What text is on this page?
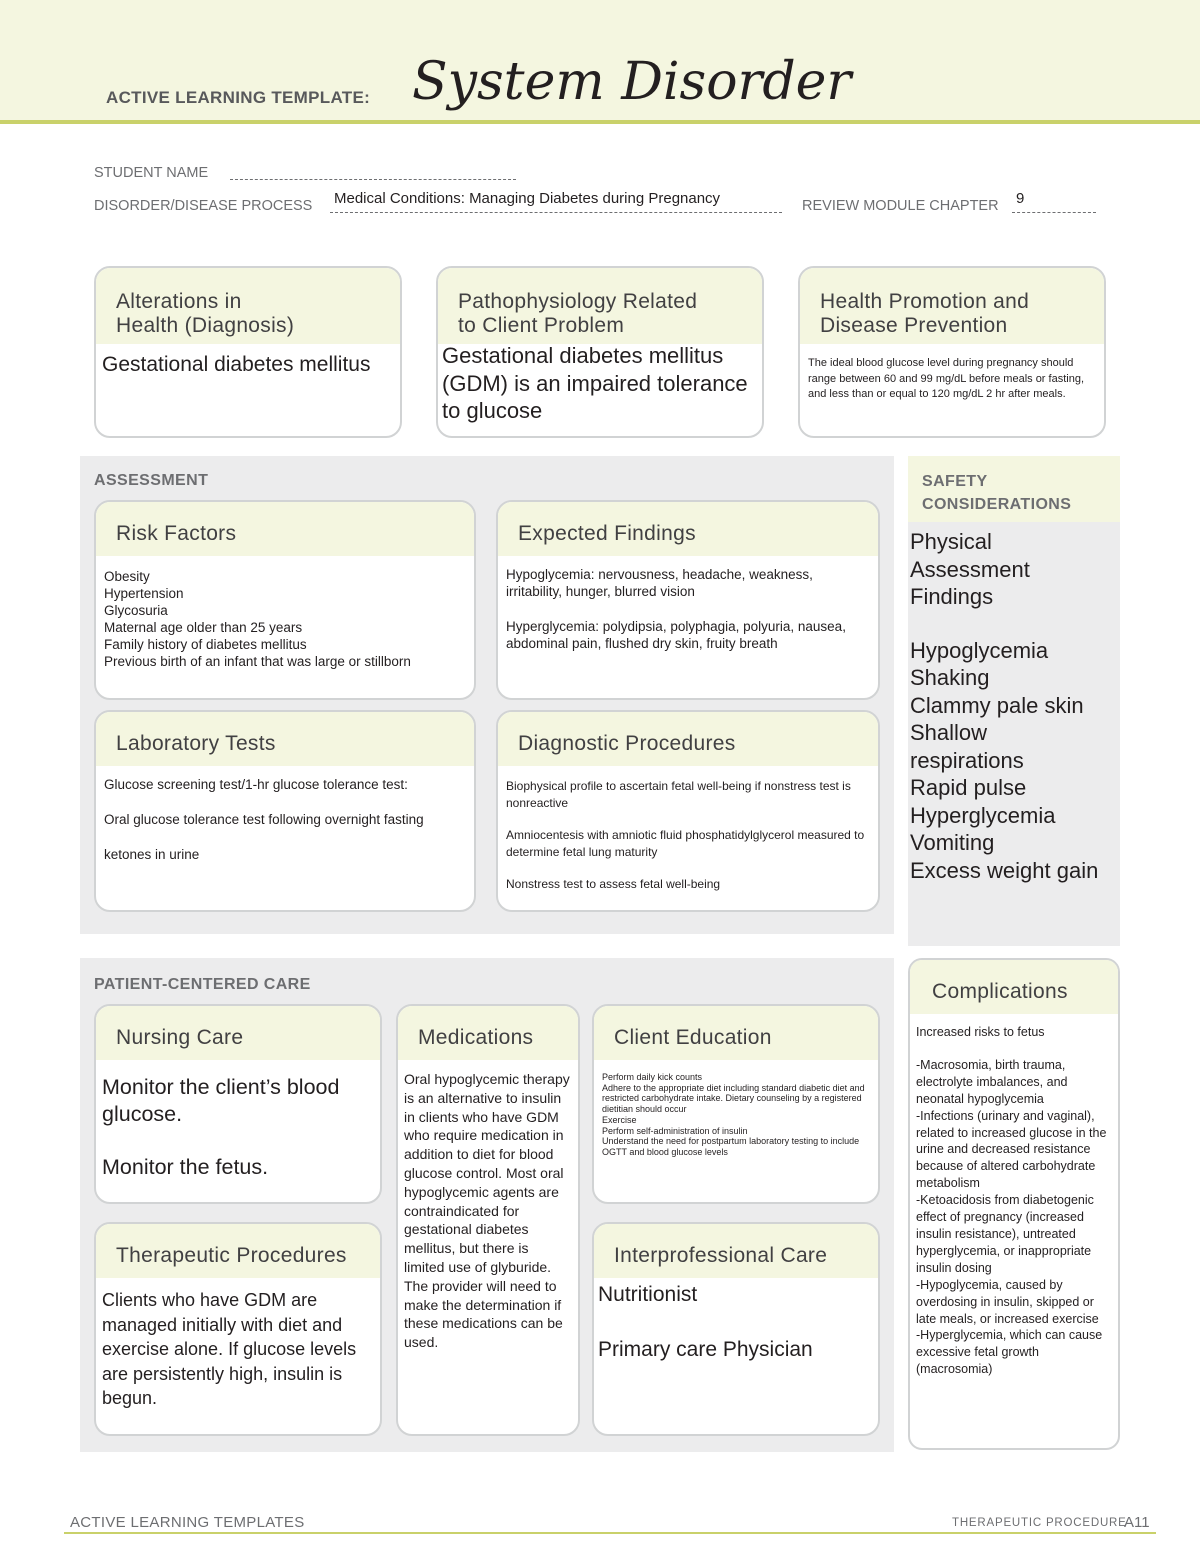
ACTIVE LEARNING TEMPLATE: System Disorder
STUDENT NAME
DISORDER/DISEASE PROCESS Medical Conditions: Managing Diabetes during Pregnancy	REVIEW MODULE CHAPTER 9
Alterations in
Health (Diagnosis)
Gestational diabetes mellitus
Pathophysiology Related
to Client Problem
Gestational diabetes mellitus (GDM) is an impaired tolerance to glucose
Health Promotion and
Disease Prevention
The ideal blood glucose level during pregnancy should range between 60 and 99 mg/dL before meals or fasting, and less than or equal to 120 mg/dL 2 hr after meals.
ASSESSMENT
Risk Factors
Obesity
Hypertension
Glycosuria
Maternal age older than 25 years
Family history of diabetes mellitus
Previous birth of an infant that was large or stillborn
Expected Findings
Hypoglycemia: nervousness, headache, weakness, irritability, hunger, blurred vision
Hyperglycemia: polydipsia, polyphagia, polyuria, nausea, abdominal pain, flushed dry skin, fruity breath
Laboratory Tests
Glucose screening test/1-hr glucose tolerance test:
Oral glucose tolerance test following overnight fasting
ketones in urine
Diagnostic Procedures
Biophysical profile to ascertain fetal well-being if nonstress test is nonreactive
Amniocentesis with amniotic fluid phosphatidylglycerol measured to determine fetal lung maturity
Nonstress test to assess fetal well-being
SAFETY
CONSIDERATIONS
Physical
Assessment
Findings
Hypoglycemia
Shaking
Clammy pale skin
Shallow respirations
Rapid pulse
Hyperglycemia
Vomiting
Excess weight gain
PATIENT-CENTERED CARE
Nursing Care
Monitor the client’s blood glucose.
Monitor the fetus.
Medications
Oral hypoglycemic therapy is an alternative to insulin in clients who have GDM who require medication in addition to diet for blood glucose control. Most oral hypoglycemic agents are contraindicated for gestational diabetes mellitus, but there is limited use of glyburide. The provider will need to make the determination if these medications can be used.
Client Education
Perform daily kick counts
Adhere to the appropriate diet including standard diabetic diet and restricted carbohydrate intake. Dietary counseling by a registered dietitian should occur
Exercise
Perform self-administration of insulin
Understand the need for postpartum laboratory testing to include OGTT and blood glucose levels
Therapeutic Procedures
Clients who have GDM are managed initially with diet and exercise alone. If glucose levels are persistently high, insulin is begun.
Interprofessional Care
Nutritionist
Primary care Physician
Complications
Increased risks to fetus
-Macrosomia, birth trauma, electrolyte imbalances, and neonatal hypoglycemia
-Infections (urinary and vaginal), related to increased glucose in the urine and decreased resistance because of altered carbohydrate metabolism
-Ketoacidosis from diabetogenic effect of pregnancy (increased insulin resistance), untreated hyperglycemia, or inappropriate insulin dosing
-Hypoglycemia, caused by overdosing in insulin, skipped or late meals, or increased exercise
-Hyperglycemia, which can cause excessive fetal growth (macrosomia)
ACTIVE LEARNING TEMPLATES	THERAPEUTIC PROCEDURE
A11
